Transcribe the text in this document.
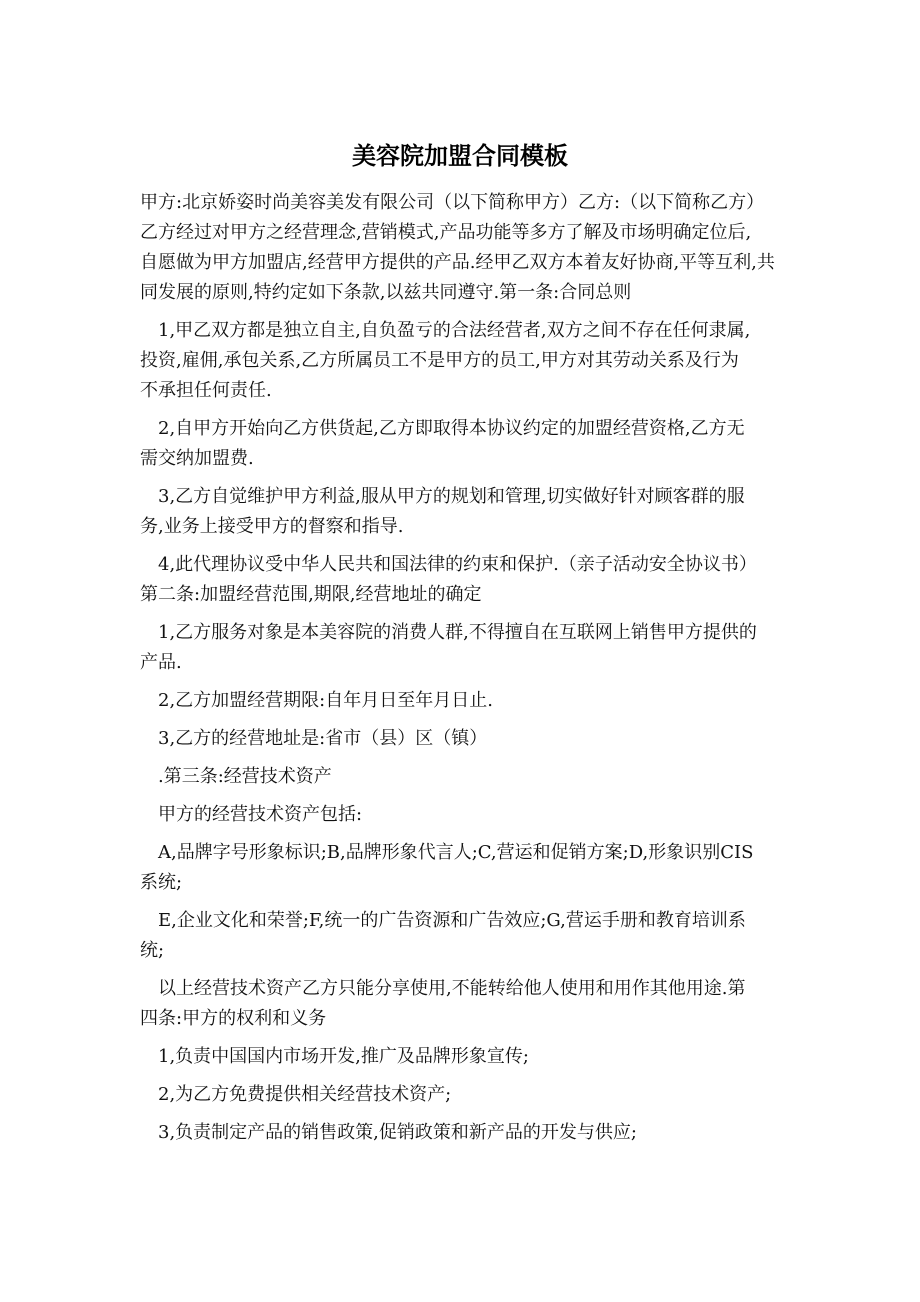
美容院加盟合同模板
甲方:北京娇姿时尚美容美发有限公司（以下简称甲方）乙方:（以下简称乙方）
乙方经过对甲方之经营理念,营销模式,产品功能等多方了解及市场明确定位后,
自愿做为甲方加盟店,经营甲方提供的产品.经甲乙双方本着友好协商,平等互利,共
同发展的原则,特约定如下条款,以兹共同遵守.第一条:合同总则
1,甲乙双方都是独立自主,自负盈亏的合法经营者,双方之间不存在任何隶属,
投资,雇佣,承包关系,乙方所属员工不是甲方的员工,甲方对其劳动关系及行为
不承担任何责任.
2,自甲方开始向乙方供货起,乙方即取得本协议约定的加盟经营资格,乙方无
需交纳加盟费.
3,乙方自觉维护甲方利益,服从甲方的规划和管理,切实做好针对顾客群的服
务,业务上接受甲方的督察和指导.
4,此代理协议受中华人民共和国法律的约束和保护.（亲子活动安全协议书）
第二条:加盟经营范围,期限,经营地址的确定
1,乙方服务对象是本美容院的消费人群,不得擅自在互联网上销售甲方提供的
产品.
2,乙方加盟经营期限:自年月日至年月日止.
3,乙方的经营地址是:省市（县）区（镇）
.第三条:经营技术资产
甲方的经营技术资产包括:
A,品牌字号形象标识;B,品牌形象代言人;C,营运和促销方案;D,形象识别CIS
系统;
E,企业文化和荣誉;F,统一的广告资源和广告效应;G,营运手册和教育培训系
统;
以上经营技术资产乙方只能分享使用,不能转给他人使用和用作其他用途.第
四条:甲方的权利和义务
1,负责中国国内市场开发,推广及品牌形象宣传;
2,为乙方免费提供相关经营技术资产;
3,负责制定产品的销售政策,促销政策和新产品的开发与供应;
